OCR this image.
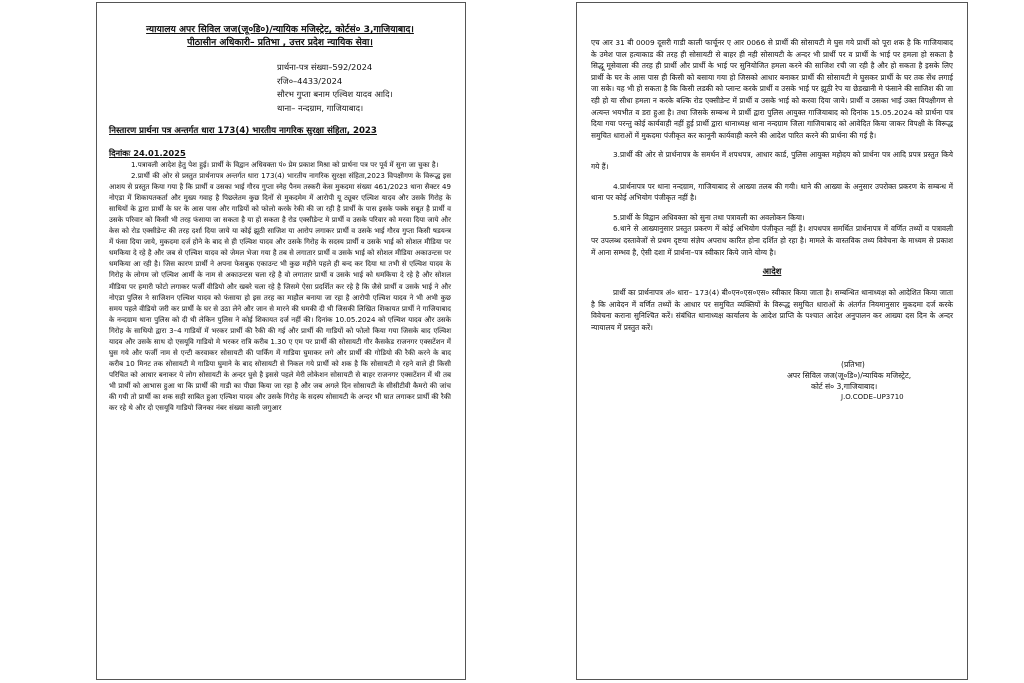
न्यायालय अपर सिविल जज(जू०डि०)/न्यायिक मजिस्ट्रेट, कोर्टसं० 3,गाजियाबाद।
पीठासीन अधिकारी– प्रतिभा , उत्तर प्रदेश न्यायिक सेवा।
प्रार्थना-पत्र संख्या–592/2024
रजि०–4433/2024
सौरभ गुप्ता बनाम एल्विश यादव आदि।
थाना– नन्दग्राम, गाजियाबाद।
निस्तारण प्रार्थना पत्र अन्तर्गत धारा 173(4) भारतीय नागरिक सुरक्षा संहिता, 2023
दिनांकः 24.01.2025

1.पत्रावली आदेश हेतु पेश हुई। प्रार्थी के विद्वान अधिवक्ता पं० प्रेम प्रकाश मिश्रा को प्रार्थना पत्र पर पूर्व में सुना जा चुका है।

2.प्रार्थी की ओर से प्रस्तुत प्रार्थनापत्र अन्तर्गत धारा 173(4) भारतीय नागरिक सुरक्षा संहिता,2023 विपक्षीगण के विरूद्ध इस आशय से प्रस्तुत किया गया है कि प्रार्थी व उसका भाई गौरव गुप्ता स्नेह पैनम तस्करी केस मुकदमा संख्या 461/2023 थाना सैक्टर 49 नोएडा में शिकायतकर्ता और मुख्य गवाह है पिछलेतम कुछ दिनों से मुकदमेम में आरोपी यू ट्यूबर एल्विश यादव और उसके गिरोह के साथियों के द्वारा प्रार्थी के घर के आस पास और गाडियों को फोलो करके रेकी की जा रही है प्रार्थी के पास इसके पक्के सबूत है प्रार्थी व उसके परिवार को किसी भी तरह फंसाया जा सकता है या हो सकता है रोड एक्सीडेन्ट मे प्रार्थी व उसके परिवार को मरवा दिया जाये और केस को रोड एक्सीडेन्ट की तरह दर्शा दिया जाये या कोई झूठी साजिश या आरोप लगाकर प्रार्थी व उसके भाई गौरव गुप्ता किसी षडयन्त्र में फंसा दिया जाये, मुकदमा दर्ज होने के बाद से ही एल्विश यादव और उसके गिरोह के सदस्य प्रार्थी व उसके भाई को सोशल मीडिया पर धमकिया दे रहे है और जब से एल्विश यादव को जेमल भेजा गया है तब से लगातार प्रार्थी व उसके भाई को सोशल मीडिया अकाउन्टस पर धमकिया आ रही है। जिस कारण प्रार्थी ने अपना फेसबुक एकाउन्ट भी कुछ महीने पहले ही बन्द कर दिया था तभी से एल्विश यादव के गिरोह के लोगम जो एल्विश आर्मी के नाम से अकाउन्टस चला रहे है वो लगातार प्रार्थी व उसके भाई को धमकिया दे रहे है और सोशल मीडिया पर हमारी फोटो लगाकर फर्जी वीडियो और खबरे चला रहे है जिसमे ऐसा प्रदर्शित कर रहे है कि जैसे प्रार्थी व उसके भाई ने और नोएडा पुलिस ने साजिशन एल्विश यादव को फंसाया हो इस तरह का माहौल बनाया जा रहा है आरोपी एल्विश यादव ने भी अभी कुछ समय पहले वीडियो जरी कर प्रार्थी के घर से उठा लेने और जान से मारने की धमकी दी थी जिसकी लिखित शिकायत प्रार्थी ने गाजियाबाद के नन्दग्राम थाना पुलिस को दी थी लेकिन पुलिस ने कोई शिकायत दर्ज नहीं की। दिनांक 10.05.2024 को एल्विश यादव और उसके गिरोह के साथियो द्वारा 3–4 गाडियों में भरकर प्रार्थी की रैकी की गई और प्रार्थी की गाडियों को फोलो किया गया जिसके बाद एल्विश यादव और उसके साथ दो एसयूवि गाडियो मे भरकर रात्रि करीब 1.30 ए एम पर प्रार्थी की सोसायटी गौर कैसकेड राजनगर एक्सटेंशन में घुस गये और फर्जी नाम से एन्टी करवाकर सोसायटी की पार्किंग में गाडिया घुमाकर लगे और प्रार्थी की गोडियो की रैकी करने के बाद करीब 10 मिनट तक सोसायटी मे गाडिया घुमाने के बाद सोसायटी से निकल गये प्रार्थी को शक है कि सोसायटी मे रहने वाले ही किसी परिचित को आधार बनाकर ये लोग सोसायटी के अन्दर घुसे है इससे पहले मेरी लोकेशन सोसायटी से बाहर राजनगर एक्सटेंशन में थी तब भी प्रार्थी को आभास हुआ था कि प्रार्थी की गाडी का पीछा किया जा रहा है और जब अगले दिन सोसायटी के सीसीटीवी कैमरो की जांच की गयी तो प्रार्थी का शक सही साबित हुआ एल्विश यादव और उसके गिरोह के सदस्य सोसायटी के अन्दर भी घात लगाकर प्रार्थी की रैकी कर रहे थे और दो एसयूवि गाडियो जिनका नंबर संख्या काली जगुआर

एच आर 31 बी 0009 दूसरी गाडी काली फार्चूनर ए आर 0066 से प्रार्थी की सोसायटी मे घुस गये प्रार्थी को पूरा शक है कि गाजियाबाद के उमेश पाल हत्याकाड की तरह ही सोसायटी से बाहर ही नही सोसायटी के अन्दर भी प्रार्थी पर व प्रार्थी के भाई पर हमला हो सकता है सिद्धू मूसेवाला की तरह ही प्रार्थी और प्रार्थी के भाई पर सुनियोजित हमला करने की साजिश रची जा रही है और हो सकता है इसके लिए प्रार्थी के घर के आस पास ही किसी को बसाया गया हो जिसको आधार बनाकर प्रार्थी की सोसायटी मे घुसकर प्रार्थी के घर तक सेंध लगाई जा सके। यह भी हो सकता है कि किसी लडकी को प्लान्ट करके प्रार्थी व उसके भाई पर झूठी रेप या छेडखानी मे फंसाने की साजिश की जा रही हो या सीधा हमला न करके बल्कि रोड एक्सीडेन्ट में प्रार्थी व उसके भाई को करवा दिया जाये। प्रार्थी व उसका भाई उक्त विपक्षीगण से अत्यन्त भयभीत व डरा हुआ है। तथा जिसके सम्बन्ध मे प्रार्थी द्वारा पुलिस आयुक्त गाजियाबाद को दिनांक 15.05.2024 को प्रार्थना पत्र दिया गया परन्तु कोई कार्यवाही नहीं हुई प्रार्थी द्वारा थानाध्यक्ष थाना नन्दग्राम जिला गाजियाबाद को आवेदित किया जाकर विपक्षी के विरूद्ध समुचित धाराओं में मुकदमा पंजीकृत कर कानूनी कार्यवाही करने की आदेश पारित करने की प्रार्थना की गई है।

3.प्रार्थी की ओर से प्रार्थनापत्र के समर्थन में शपथपत्र, आधार कार्ड, पुलिस आयुक्त महोदय को प्रार्थना पत्र आदि प्रपत्र प्रस्तुत किये गये हैं।

4.प्रार्थनापत्र पर थाना नन्दग्राम, गाजियाबाद से आख्या तलब की गयी। थाने की आख्या के अनुसार उपरोक्त प्रकरण के सम्बन्ध में थाना पर कोई अभियोग पंजीकृत नहीं है।

5.प्रार्थी के विद्वान अधिवक्ता को सुना तथा पत्रावली का अवलोकन किया।

6.थाने से आख्यानुसार प्रस्तुत प्रकरण में कोई अभियोग पंजीकृत नहीं है। शपथपत्र समर्थित प्रार्थनापत्र में वर्णित तथ्यों व पत्रावली पर उपलब्ध दस्तावेजों से प्रथम दृष्टया संज्ञेय अपराध कारित होना दर्शित हो रहा है। मामले के वास्तविक तथ्य विवेचना के माध्यम से प्रकाश में आना सम्भव है, ऐसी दशा में प्रार्थना–पत्र स्वीकार किये जाने योग्य है।

आदेश

प्रार्थी का प्रार्थनापत्र अं० धारा– 173(4) बी०एन०एस०एस० स्वीकार किया जाता है। सम्बन्धित थानाध्यक्ष को आदेशित किया जाता है कि आवेदन में वर्णित तथ्यों के आधार पर समुचित व्यक्तियों के विरूद्ध समुचित धाराओं के अंतर्गत नियमानुसार मुकदमा दर्ज करके विवेचना कराना सुनिश्चित करें। संबंधित थानाध्यक्ष कार्यालय के आदेश प्राप्ति के पश्चात आदेश अनुपालन कर आख्या दस दिन के अन्दर न्यायालय में प्रस्तुत करें।

(प्रतिभा)
अपर सिविल जज(जू०डि०)/न्यायिक मजिस्ट्रेट,
कोर्ट सं० 3,गाजियाबाद।
J.O.CODE–UP3710
